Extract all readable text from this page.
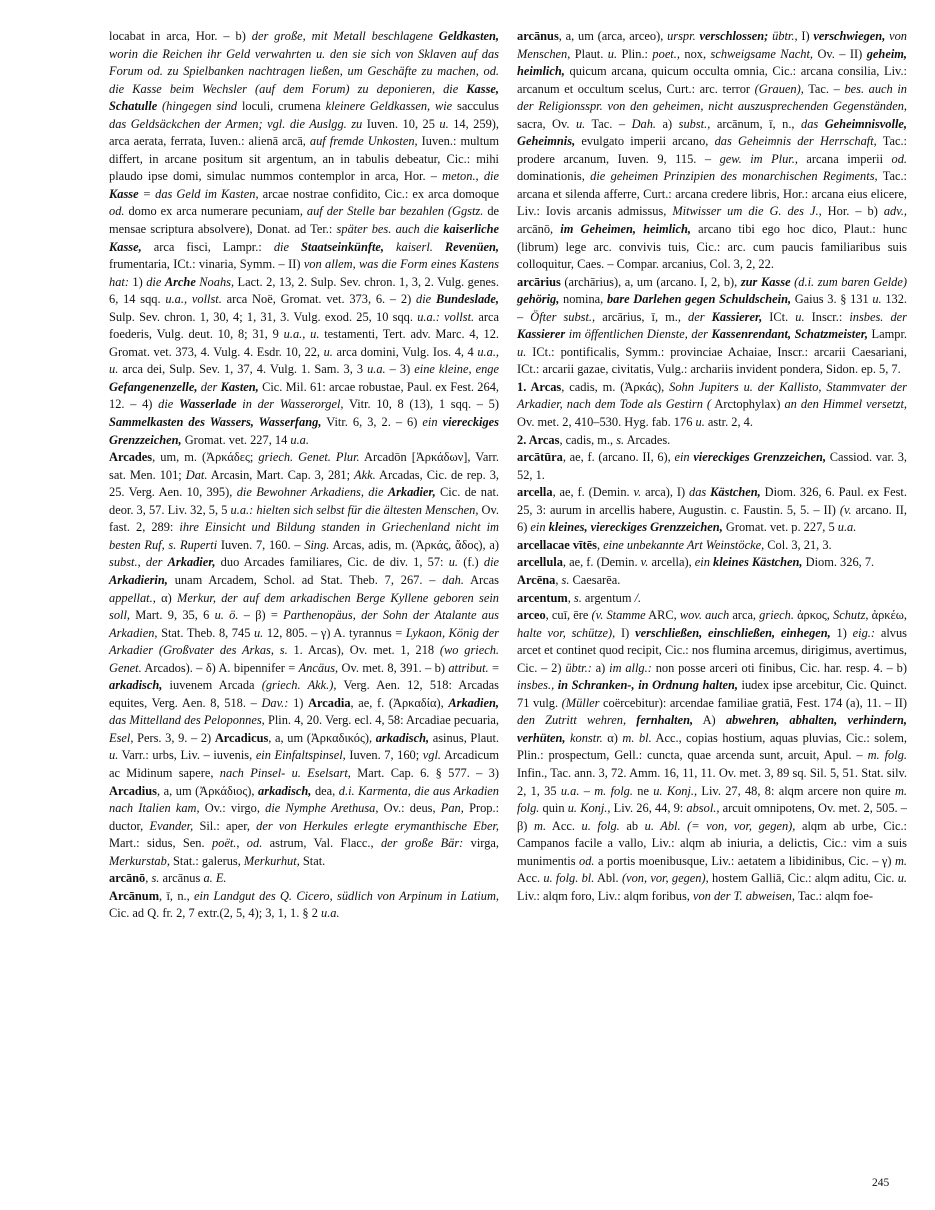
locabat in arca, Hor. – b) der große, mit Metall beschlagene Geldkasten, worin die Reichen ihr Geld verwahrten u. den sie sich von Sklaven auf das Forum od. zu Spielbanken nachtragen ließen, um Geschäfte zu machen, od. die Kasse beim Wechsler (auf dem Forum) zu deponieren, die Kasse, Schatulle (hingegen sind loculi, crumena kleinere Geldkassen, wie sacculus das Geldsäckchen der Armen; vgl. die Auslgg. zu Iuven. 10, 25 u. 14, 259), arca aerata, ferrata, Iuven.: alienā arcā, auf fremde Unkosten, Iuven.: multum differt, in arcane positum sit argentum, an in tabulis debeatur, Cic.: mihi plaudo ipse domi, simulac nummos contemplor in arca, Hor. – meton., die Kasse = das Geld im Kasten, arcae nostrae confidito, Cic.: ex arca domoque od. domo ex arca numerare pecuniam, auf der Stelle bar bezahlen (Ggstz. de mensae scriptura absolvere), Donat. ad Ter.: später bes. auch die kaiserliche Kasse, arca fisci, Lampr.: die Staatseinkünfte, kaiserl. Revenüen, frumentaria, ICt.: vinaria, Symm. – II) von allem, was die Form eines Kastens hat: 1) die Arche Noahs, Lact. 2, 13, 2. Sulp. Sev. chron. 1, 3, 2. Vulg. genes. 6, 14 sqq. u.a., vollst. arca Noë, Gromat. vet. 373, 6. – 2) die Bundeslade, Sulp. Sev. chron. 1, 30, 4; 1, 31, 3. Vulg. exod. 25, 10 sqq. u.a.: vollst. arca foederis, Vulg. deut. 10, 8; 31, 9 u.a., u. testamenti, Tert. adv. Marc. 4, 12. Gromat. vet. 373, 4. Vulg. 4. Esdr. 10, 22, u. arca domini, Vulg. Ios. 4, 4 u.a., u. arca dei, Sulp. Sev. 1, 37, 4. Vulg. 1. Sam. 3, 3 u.a. – 3) eine kleine, enge Gefangenenzelle, der Kasten, Cic. Mil. 61: arcae robustae, Paul. ex Fest. 264, 12. – 4) die Wasserlade in der Wasserorgel, Vitr. 10, 8 (13), 1 sqq. – 5) Sammelkasten des Wassers, Wasserfang, Vitr. 6, 3, 2. – 6) ein viereckiges Grenzzeichen, Gromat. vet. 227, 14 u.a.

Arcades, um, m. (Ἀρκάδες; griech. Genet. Plur. Arcadōn [Ἀρκάδων], Varr. sat. Men. 101; Dat. Arcasin, Mart. Cap. 3, 281; Akk. Arcadas, Cic. de rep. 3, 25. Verg. Aen. 10, 395), die Bewohner Arkadiens, die Arkadier, Cic. de nat. deor. 3, 57. Liv. 32, 5, 5 u.a.: hielten sich selbst für die ältesten Menschen, Ov. fast. 2, 289: ihre Einsicht und Bildung standen in Griechenland nicht im besten Ruf, s. Ruperti Iuven. 7, 160. – Sing. Arcas, adis, m. (Ἀρκάς, ἄδος), a) subst., der Arkadier, duo Arcades familiares, Cic. de div. 1, 57: u. (f.) die Arkadierin, unam Arcadem, Schol. ad Stat. Theb. 7, 267. – dah. Arcas appellat., α) Merkur, der auf dem arkadischen Berge Kyllene geboren sein soll, Mart. 9, 35, 6 u. ö. – β) = Parthenopäus, der Sohn der Atalante aus Arkadien, Stat. Theb. 8, 745 u. 12, 805. – γ) A. tyrannus = Lykaon, König der Arkadier (Großvater des Arkas, s. 1. Arcas), Ov. met. 1, 218 (wo griech. Genet. Arcados). – δ) A. bipennifer = Ancäus, Ov. met. 8, 391. – b) attribut. = arkadisch, iuvenem Arcada (griech. Akk.), Verg. Aen. 12, 518: Arcadas equites, Verg. Aen. 8, 518. – Dav.: 1) Arcadia, ae, f. (Ἀρκαδία), Arkadien, das Mittelland des Peloponnes, Plin. 4, 20. Verg. ecl. 4, 58: Arcadiae pecuaria, Esel, Pers. 3, 9. – 2) Arcadicus, a, um (Ἀρκαδικός), arkadisch, asinus, Plaut. u. Varr.: urbs, Liv. – iuvenis, ein Einfaltspinsel, Iuven. 7, 160; vgl. Arcadicum ac Midinum sapere, nach Pinsel- u. Eselsart, Mart. Cap. 6. § 577. – 3) Arcadius, a, um (Ἀρκάδιος), arkadisch, dea, d.i. Karmenta, die aus Arkadien nach Italien kam, Ov.: virgo, die Nymphe Arethusa, Ov.: deus, Pan, Prop.: ductor, Evander, Sil.: aper, der von Herkules erlegte erymanthische Eber, Mart.: sidus, Sen. poët., od. astrum, Val. Flacc., der große Bär: virga, Merkurstab, Stat.: galerus, Merkurhut, Stat.

arcānō, s. arcānus a. E.

Arcānum, ī, n., ein Landgut des Q. Cicero, südlich von Arpinum in Latium, Cic. ad Q. fr. 2, 7 extr.(2, 5, 4); 3, 1, 1. § 2 u.a.

arcānus, a, um (arca, arceo), urspr. verschlossen; übtr., I) verschwiegen, von Menschen, Plaut. u. Plin.: poet., nox, schweigsame Nacht, Ov. – II) geheim, heimlich, quicum arcana, quicum occulta omnia, Cic.: arcana consilia, Liv.: arcanum et occultum scelus, Curt.: arc. terror (Grauen), Tac. – bes. auch in der Religionsspr. von den geheimen, nicht auszusprechenden Gegenständen, sacra, Ov. u. Tac. – Dah. a) subst., arcānum, ī, n., das Geheimnisvolle, Geheimnis, evulgato imperii arcano, das Geheimnis der Herrschaft, Tac.: prodere arcanum, Iuven. 9, 115. – gew. im Plur., arcana imperii od. dominationis, die geheimen Prinzipien des monarchischen Regiments, Tac.: arcana et silenda afferre, Curt.: arcana credere libris, Hor.: arcana eius elicere, Liv.: Iovis arcanis admissus, Mitwisser um die G. des J., Hor. – b) adv., arcānō, im Geheimen, heimlich, arcano tibi ego hoc dico, Plaut.: hunc (librum) lege arc. convivis tuis, Cic.: arc. cum paucis familiaribus suis colloquitur, Caes. – Compar. arcanius, Col. 3, 2, 22.

arcārius (archārius), a, um (arcano. I, 2, b), zur Kasse (d.i. zum baren Gelde) gehörig, nomina, bare Darlehen gegen Schuldschein, Gaius 3. § 131 u. 132. – Öfter subst., arcārius, ī, m., der Kassierer, ICt. u. Inscr.: insbes. der Kassierer im öffentlichen Dienste, der Kassenrendant, Schatzmeister, Lampr. u. ICt.: pontificalis, Symm.: provinciae Achaiae, Inscr.: arcarii Caesariani, ICt.: arcarii gazae, civitatis, Vulg.: archariis invident pondera, Sidon. ep. 5, 7.

1. Arcas, cadis, m. (Ἀρκάς), Sohn Jupiters u. der Kallisto, Stammvater der Arkadier, nach dem Tode als Gestirn ( Arctophylax) an den Himmel versetzt, Ov. met. 2, 410–530. Hyg. fab. 176 u. astr. 2, 4.

2. Arcas, cadis, m., s. Arcades.

arcātūra, ae, f. (arcano. II, 6), ein viereckiges Grenzzeichen, Cassiod. var. 3, 52, 1.

arcella, ae, f. (Demin. v. arca), I) das Kästchen, Diom. 326, 6. Paul. ex Fest. 25, 3: aurum in arcellis habere, Augustin. c. Faustin. 5, 5. – II) (v. arcano. II, 6) ein kleines, viereckiges Grenzzeichen, Gromat. vet. p. 227, 5 u.a.

arcellacae vītēs, eine unbekannte Art Weinstöcke, Col. 3, 21, 3.

arcellula, ae, f. (Demin. v. arcella), ein kleines Kästchen, Diom. 326, 7.

Arcēna, s. Caesarēa.

arcentum, s. argentum /.

arceo, cuī, ēre (v. Stamme ARC, wov. auch arca, griech. ἀρκος, Schutz, ἀρκέω, halte vor, schütze), I) verschließen, einschließen, einhegen, 1) eig.: alvus arcet et continet quod recipit, Cic.: nos flumina arcemus, dirigimus, avertimus, Cic. – 2) übtr.: a) im allg.: non posse arceri oti finibus, Cic. har. resp. 4. – b) insbes., in Schranken-, in Ordnung halten, iudex ipse arcebitur, Cic. Quinct. 71 vulg. (Müller coërcebitur): arcendae familiae gratiā, Fest. 174 (a), 11. – II) den Zutritt wehren, fernhalten, A) abwehren, abhalten, verhindern, verhüten, konstr. α) m. bl. Acc., copias hostium, aquas pluvias, Cic.: solem, Plin.: prospectum, Gell.: cuncta, quae arcenda sunt, arcuit, Apul. – m. folg. Infin., Tac. ann. 3, 72. Amm. 16, 11, 11. Ov. met. 3, 89 sq. Sil. 5, 51. Stat. silv. 2, 1, 35 u.a. – m. folg. ne u. Konj., Liv. 27, 48, 8: alqm arcere non quire m. folg. quin u. Konj., Liv. 26, 44, 9: absol., arcuit omnipotens, Ov. met. 2, 505. – β) m. Acc. u. folg. ab u. Abl. (= von, vor, gegen), alqm ab urbe, Cic.: Campanos facile a vallo, Liv.: alqm ab iniuria, a delictis, Cic.: vim a suis munimentis od. a portis moenibusque, Liv.: aetatem a libidinibus, Cic. – γ) m. Acc. u. folg. bl. Abl. (von, vor, gegen), hostem Galliā, Cic.: alqm aditu, Cic. u. Liv.: alqm foro, Liv.: alqm foribus, von der T. abweisen, Tac.: alqm foe-

245
